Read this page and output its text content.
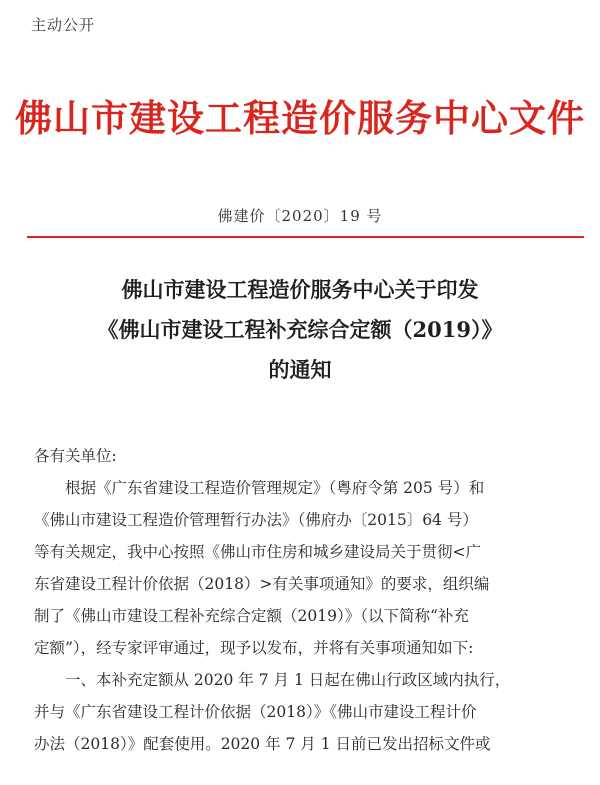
主动公开
佛山市建设工程造价服务中心文件
佛建价〔2020〕19 号
佛山市建设工程造价服务中心关于印发
《佛山市建设工程补充综合定额（2019）》
的通知
各有关单位:
根据《广东省建设工程造价管理规定》（粤府令第 205 号）和
《佛山市建设工程造价管理暂行办法》（佛府办〔2015〕64 号）
等有关规定，我中心按照《佛山市住房和城乡建设局关于贯彻<广
东省建设工程计价依据（2018）>有关事项通知》的要求，组织编
制了《佛山市建设工程补充综合定额（2019）》（以下简称“补充
定额”），经专家评审通过，现予以发布，并将有关事项通知如下:
一、本补充定额从 2020 年 7 月 1 日起在佛山行政区域内执行，
并与《广东省建设工程计价依据（2018）》《佛山市建设工程计价
办法（2018）》配套使用。2020 年 7 月 1 日前已发出招标文件或
